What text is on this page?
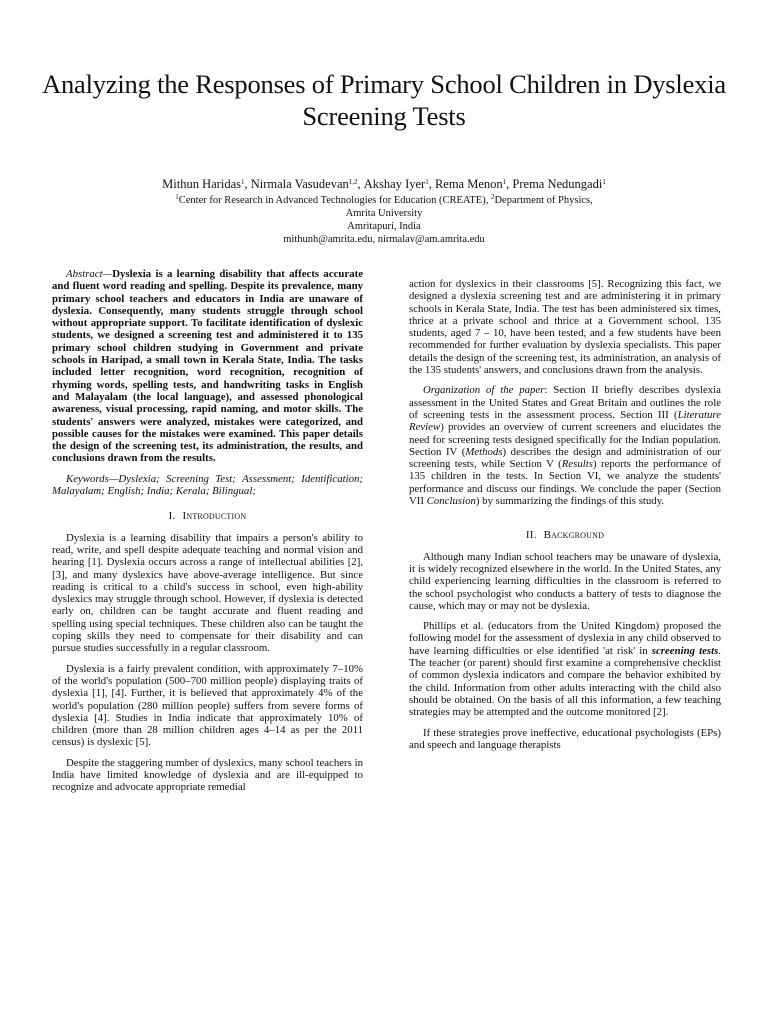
Analyzing the Responses of Primary School Children in Dyslexia Screening Tests
Mithun Haridas$^1$, Nirmala Vasudevan$^{1,2}$, Akshay Iyer$^1$, Rema Menon$^1$, Prema Nedungadi$^1$
$^1$Center for Research in Advanced Technologies for Education (CREATE), $^2$Department of Physics,
Amrita University
Amritapuri, India
mithunh@amrita.edu, nirmalav@am.amrita.edu

Abstract—Dyslexia is a learning disability that affects accurate and fluent word reading and spelling. Despite its prevalence, many primary school teachers and educators in India are unaware of dyslexia. Consequently, many students struggle through school without appropriate support. To facilitate identification of dyslexic students, we designed a screening test and administered it to 135 primary school children studying in Government and private schools in Haripad, a small town in Kerala State, India. The tasks included letter recognition, word recognition, recognition of rhyming words, spelling tests, and handwriting tasks in English and Malayalam (the local language), and assessed phonological awareness, visual processing, rapid naming, and motor skills. The students' answers were analyzed, mistakes were categorized, and possible causes for the mistakes were examined. This paper details the design of the screening test, its administration, the results, and conclusions drawn from the results.

Keywords—Dyslexia; Screening Test; Assessment; Identification; Malayalam; English; India; Kerala; Bilingual;

I. Introduction

Dyslexia is a learning disability that impairs a person's ability to read, write, and spell despite adequate teaching and normal vision and hearing [1]. Dyslexia occurs across a range of intellectual abilities [2],[3], and many dyslexics have above-average intelligence. But since reading is critical to a child's success in school, even high-ability dyslexics may struggle through school. However, if dyslexia is detected early on, children can be taught accurate and fluent reading and spelling using special techniques. These children also can be taught the coping skills they need to compensate for their disability and can pursue studies successfully in a regular classroom.

Dyslexia is a fairly prevalent condition, with approximately 7–10% of the world's population (500–700 million people) displaying traits of dyslexia [1], [4]. Further, it is believed that approximately 4% of the world's population (280 million people) suffers from severe forms of dyslexia [4]. Studies in India indicate that approximately 10% of children (more than 28 million children ages 4–14 as per the 2011 census) is dyslexic [5].

Despite the staggering number of dyslexics, many school teachers in India have limited knowledge of dyslexia and are ill-equipped to recognize and advocate appropriate remedial

action for dyslexics in their classrooms [5]. Recognizing this fact, we designed a dyslexia screening test and are administering it in primary schools in Kerala State, India. The test has been administered six times, thrice at a private school and thrice at a Government school. 135 students, aged 7 – 10, have been tested, and a few students have been recommended for further evaluation by dyslexia specialists. This paper details the design of the screening test, its administration, an analysis of the 135 students' answers, and conclusions drawn from the analysis.

Organization of the paper: Section II briefly describes dyslexia assessment in the United States and Great Britain and outlines the role of screening tests in the assessment process. Section III (Literature Review) provides an overview of current screeners and elucidates the need for screening tests designed specifically for the Indian population. Section IV (Methods) describes the design and administration of our screening tests, while Section V (Results) reports the performance of 135 children in the tests. In Section VI, we analyze the students' performance and discuss our findings. We conclude the paper (Section VII Conclusion) by summarizing the findings of this study.

II. Background

Although many Indian school teachers may be unaware of dyslexia, it is widely recognized elsewhere in the world. In the United States, any child experiencing learning difficulties in the classroom is referred to the school psychologist who conducts a battery of tests to diagnose the cause, which may or may not be dyslexia.

Phillips et al. (educators from the United Kingdom) proposed the following model for the assessment of dyslexia in any child observed to have learning difficulties or else identified 'at risk' in screening tests. The teacher (or parent) should first examine a comprehensive checklist of common dyslexia indicators and compare the behavior exhibited by the child. Information from other adults interacting with the child also should be obtained. On the basis of all this information, a few teaching strategies may be attempted and the outcome monitored [2].

If these strategies prove ineffective, educational psychologists (EPs) and speech and language therapists
